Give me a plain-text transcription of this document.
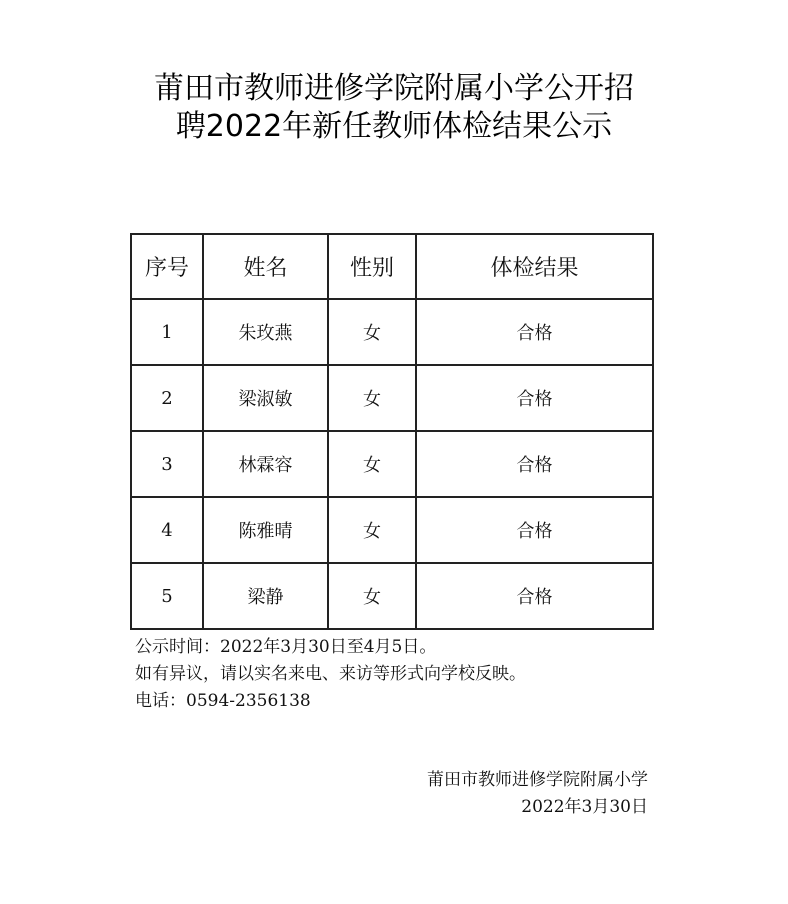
莆田市教师进修学院附属小学公开招
聘2022年新任教师体检结果公示
序号	姓名	性别	体检结果
1	朱玫燕	女	合格
2	梁淑敏	女	合格
3	林霖容	女	合格
4	陈雅晴	女	合格
5	梁静	女	合格
公示时间：2022年3月30日至4月5日。
如有异议，请以实名来电、来访等形式向学校反映。
电话：0594-2356138
莆田市教师进修学院附属小学
2022年3月30日
